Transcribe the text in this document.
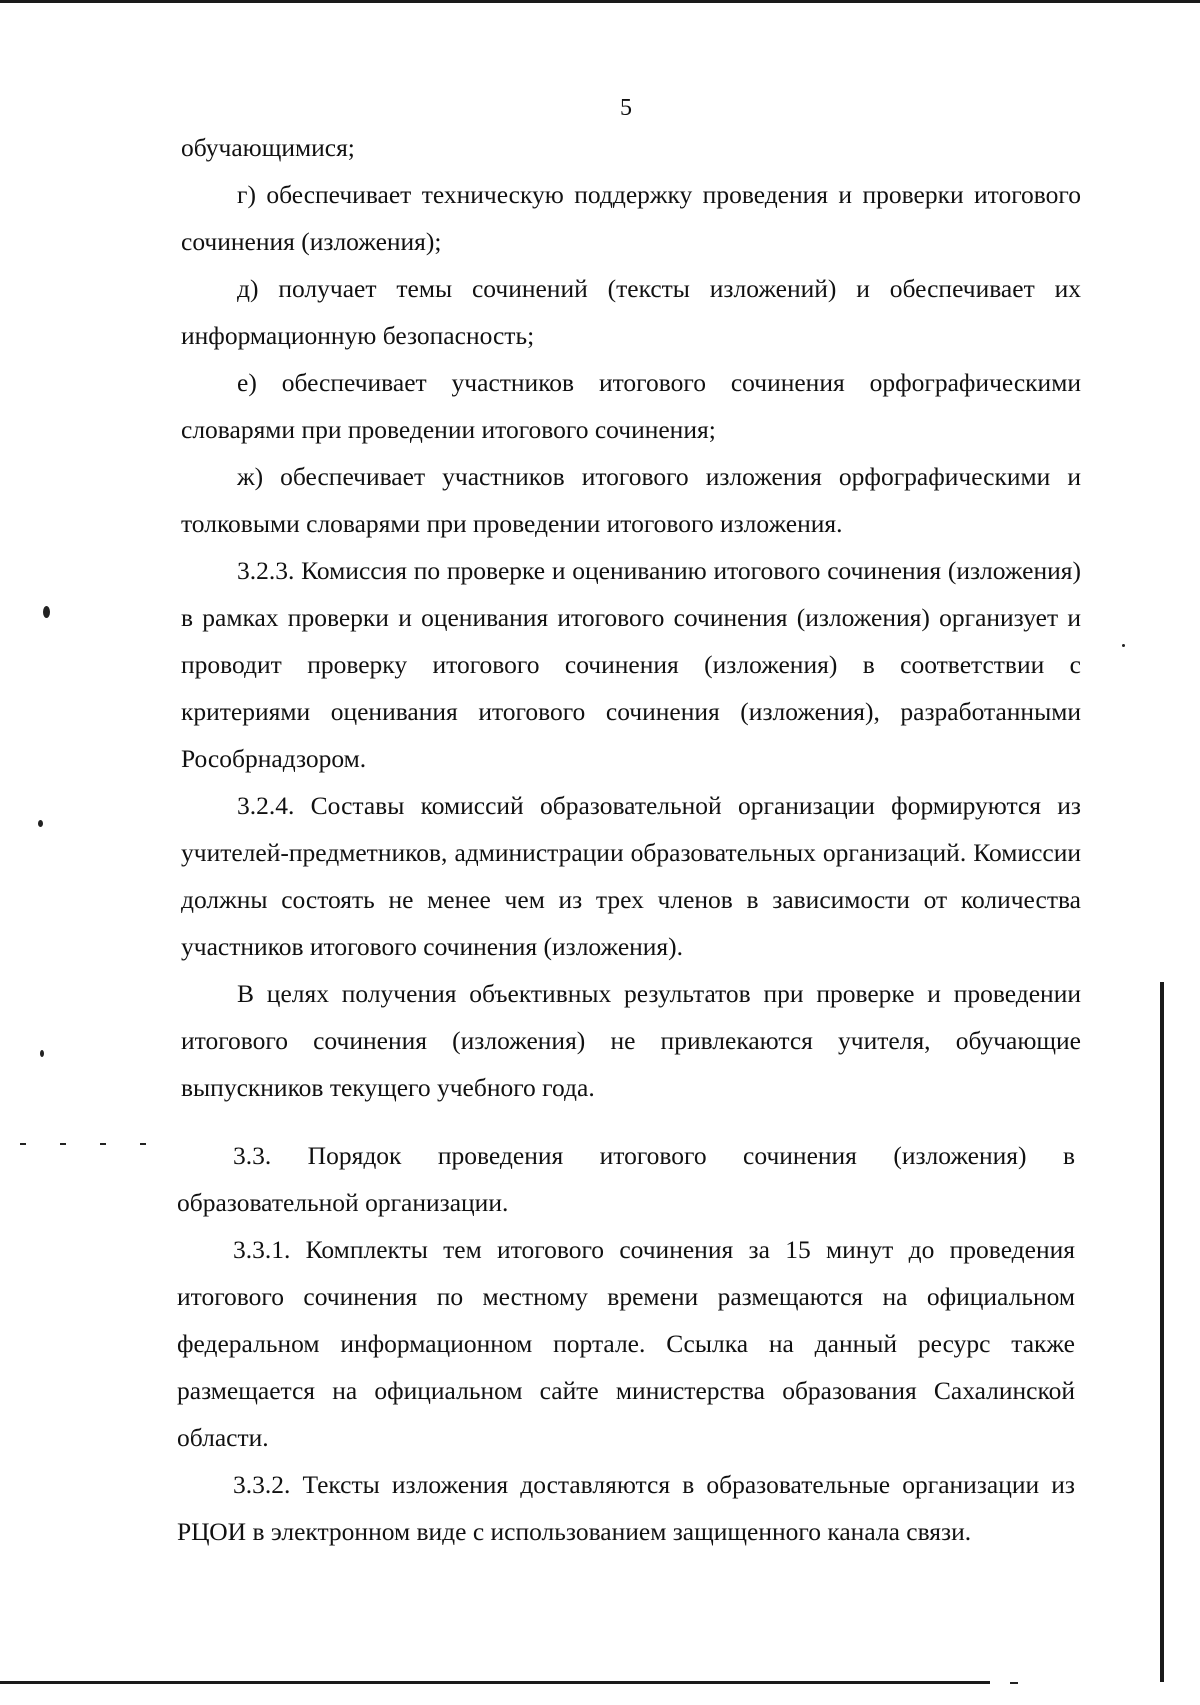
5

обучающимися;

г) обеспечивает техническую поддержку проведения и проверки итогового сочинения (изложения);

д) получает темы сочинений (тексты изложений) и обеспечивает их информационную безопасность;

е) обеспечивает участников итогового сочинения орфографическими словарями при проведении итогового сочинения;

ж) обеспечивает участников итогового изложения орфографическими и толковыми словарями при проведении итогового изложения.

3.2.3. Комиссия по проверке и оцениванию итогового сочинения (изложения) в рамках проверки и оценивания итогового сочинения (изложения) организует и проводит проверку итогового сочинения (изложения) в соответствии с критериями оценивания итогового сочинения (изложения), разработанными Рособрнадзором.

3.2.4. Составы комиссий образовательной организации формируются из учителей-предметников, администрации образовательных организаций. Комиссии должны состоять не менее чем из трех членов в зависимости от количества участников итогового сочинения (изложения).

В целях получения объективных результатов при проверке и проведении итогового сочинения (изложения) не привлекаются учителя, обучающие выпускников текущего учебного года.

3.3. Порядок проведения итогового сочинения (изложения) в образовательной организации.

3.3.1. Комплекты тем итогового сочинения за 15 минут до проведения итогового сочинения по местному времени размещаются на официальном федеральном информационном портале. Ссылка на данный ресурс также размещается на официальном сайте министерства образования Сахалинской области.

3.3.2. Тексты изложения доставляются в образовательные организации из РЦОИ в электронном виде с использованием защищенного канала связи.
